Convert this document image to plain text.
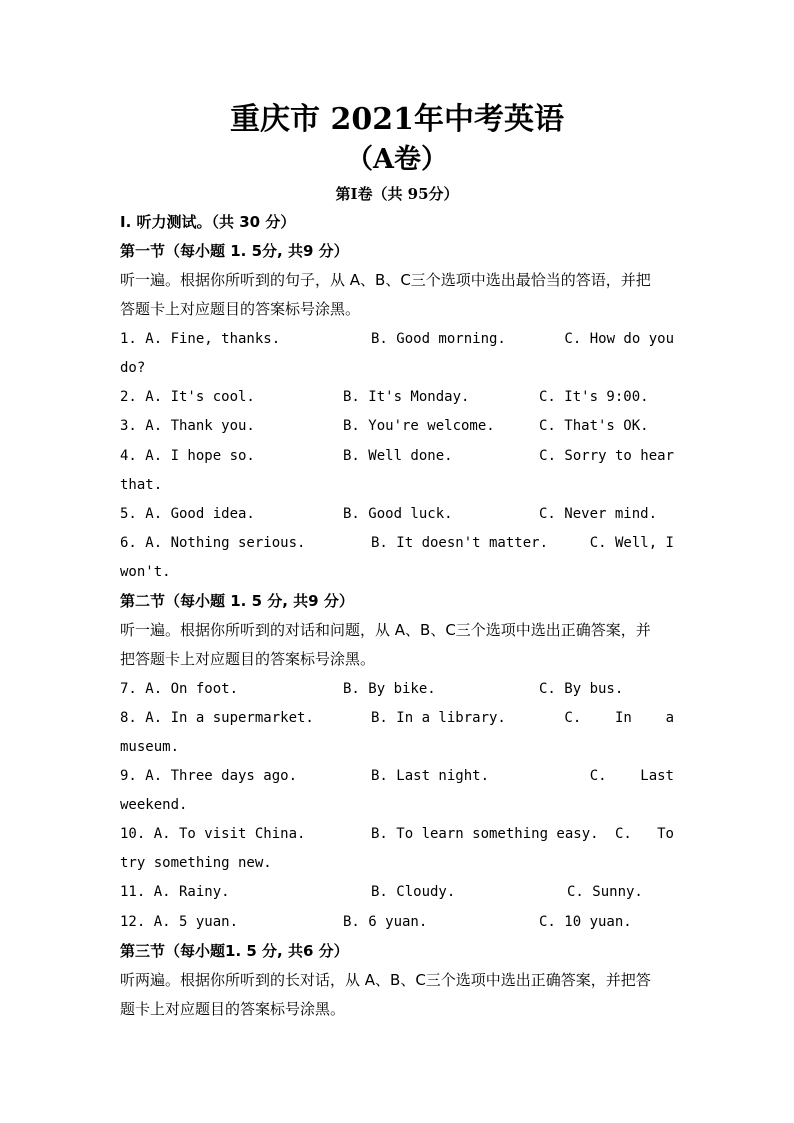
重庆市 2021年中考英语
（A卷）
第Ⅰ卷（共 95分）
I. 听力测试。（共 30 分）
第一节（每小题 1. 5分, 共9 分）
听一遍。根据你所听到的句子，从 A、B、C三个选项中选出最恰当的答语，并把
答题卡上对应题目的答案标号涂黑。
1. A. Fine, thanks.	B. Good morning.	C. How do you
do?
2. A. It's cool.	B. It's Monday.	C. It's 9:00.
3. A. Thank you.	B. You're welcome.	C. That's OK.
4. A. I hope so.	B. Well done.	C. Sorry to hear
that.
5. A. Good idea.	B. Good luck.	C. Never mind.
6. A. Nothing serious.	B. It doesn't matter.	C. Well, I
won't.
第二节（每小题 1. 5 分, 共9 分）
听一遍。根据你所听到的对话和问题，从 A、B、C三个选项中选出正确答案，并
把答题卡上对应题目的答案标号涂黑。
7. A. On foot.	B. By bike.	C. By bus.
8. A. In a supermarket.	B. In a library.	C.    In    a
museum.
9. A. Three days ago.	B. Last night.	C.    Last
weekend.
10. A. To visit China.	B. To learn something easy. C.   To
try something new.
11. A. Rainy.	B. Cloudy.	C. Sunny.
12. A. 5 yuan.	B. 6 yuan.	C. 10 yuan.
第三节（每小题1. 5 分, 共6 分）
听两遍。根据你所听到的长对话，从 A、B、C三个选项中选出正确答案，并把答
题卡上对应题目的答案标号涂黑。
